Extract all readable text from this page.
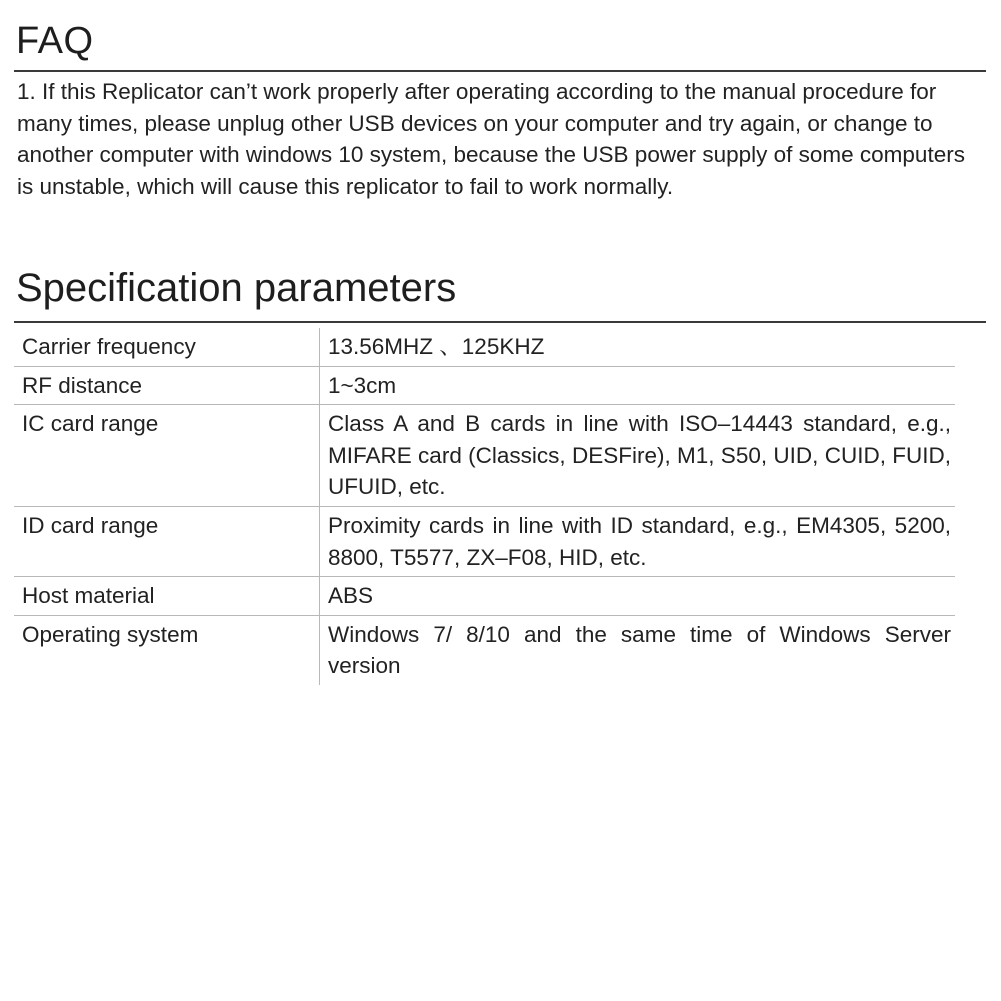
FAQ

1. If this Replicator can’t work properly after operating according to the manual procedure for many times, please unplug other USB devices on your computer and try again, or change to another computer with windows 10 system, because the USB power supply of some computers is unstable, which will cause this replicator to fail to work normally.

Specification parameters
Carrier frequency	13.56MHZ 、125KHZ
RF distance	1~3cm
IC card range	Class A and B cards in line with ISO–14443 standard, e.g., MIFARE card (Classics, DESFire), M1, S50, UID, CUID, FUID, UFUID, etc.
ID card range	Proximity cards in line with ID standard, e.g., EM4305, 5200, 8800, T5577, ZX–F08, HID, etc.
Host material	ABS
Operating system	Windows 7/ 8/10 and the same time of Windows Server version
